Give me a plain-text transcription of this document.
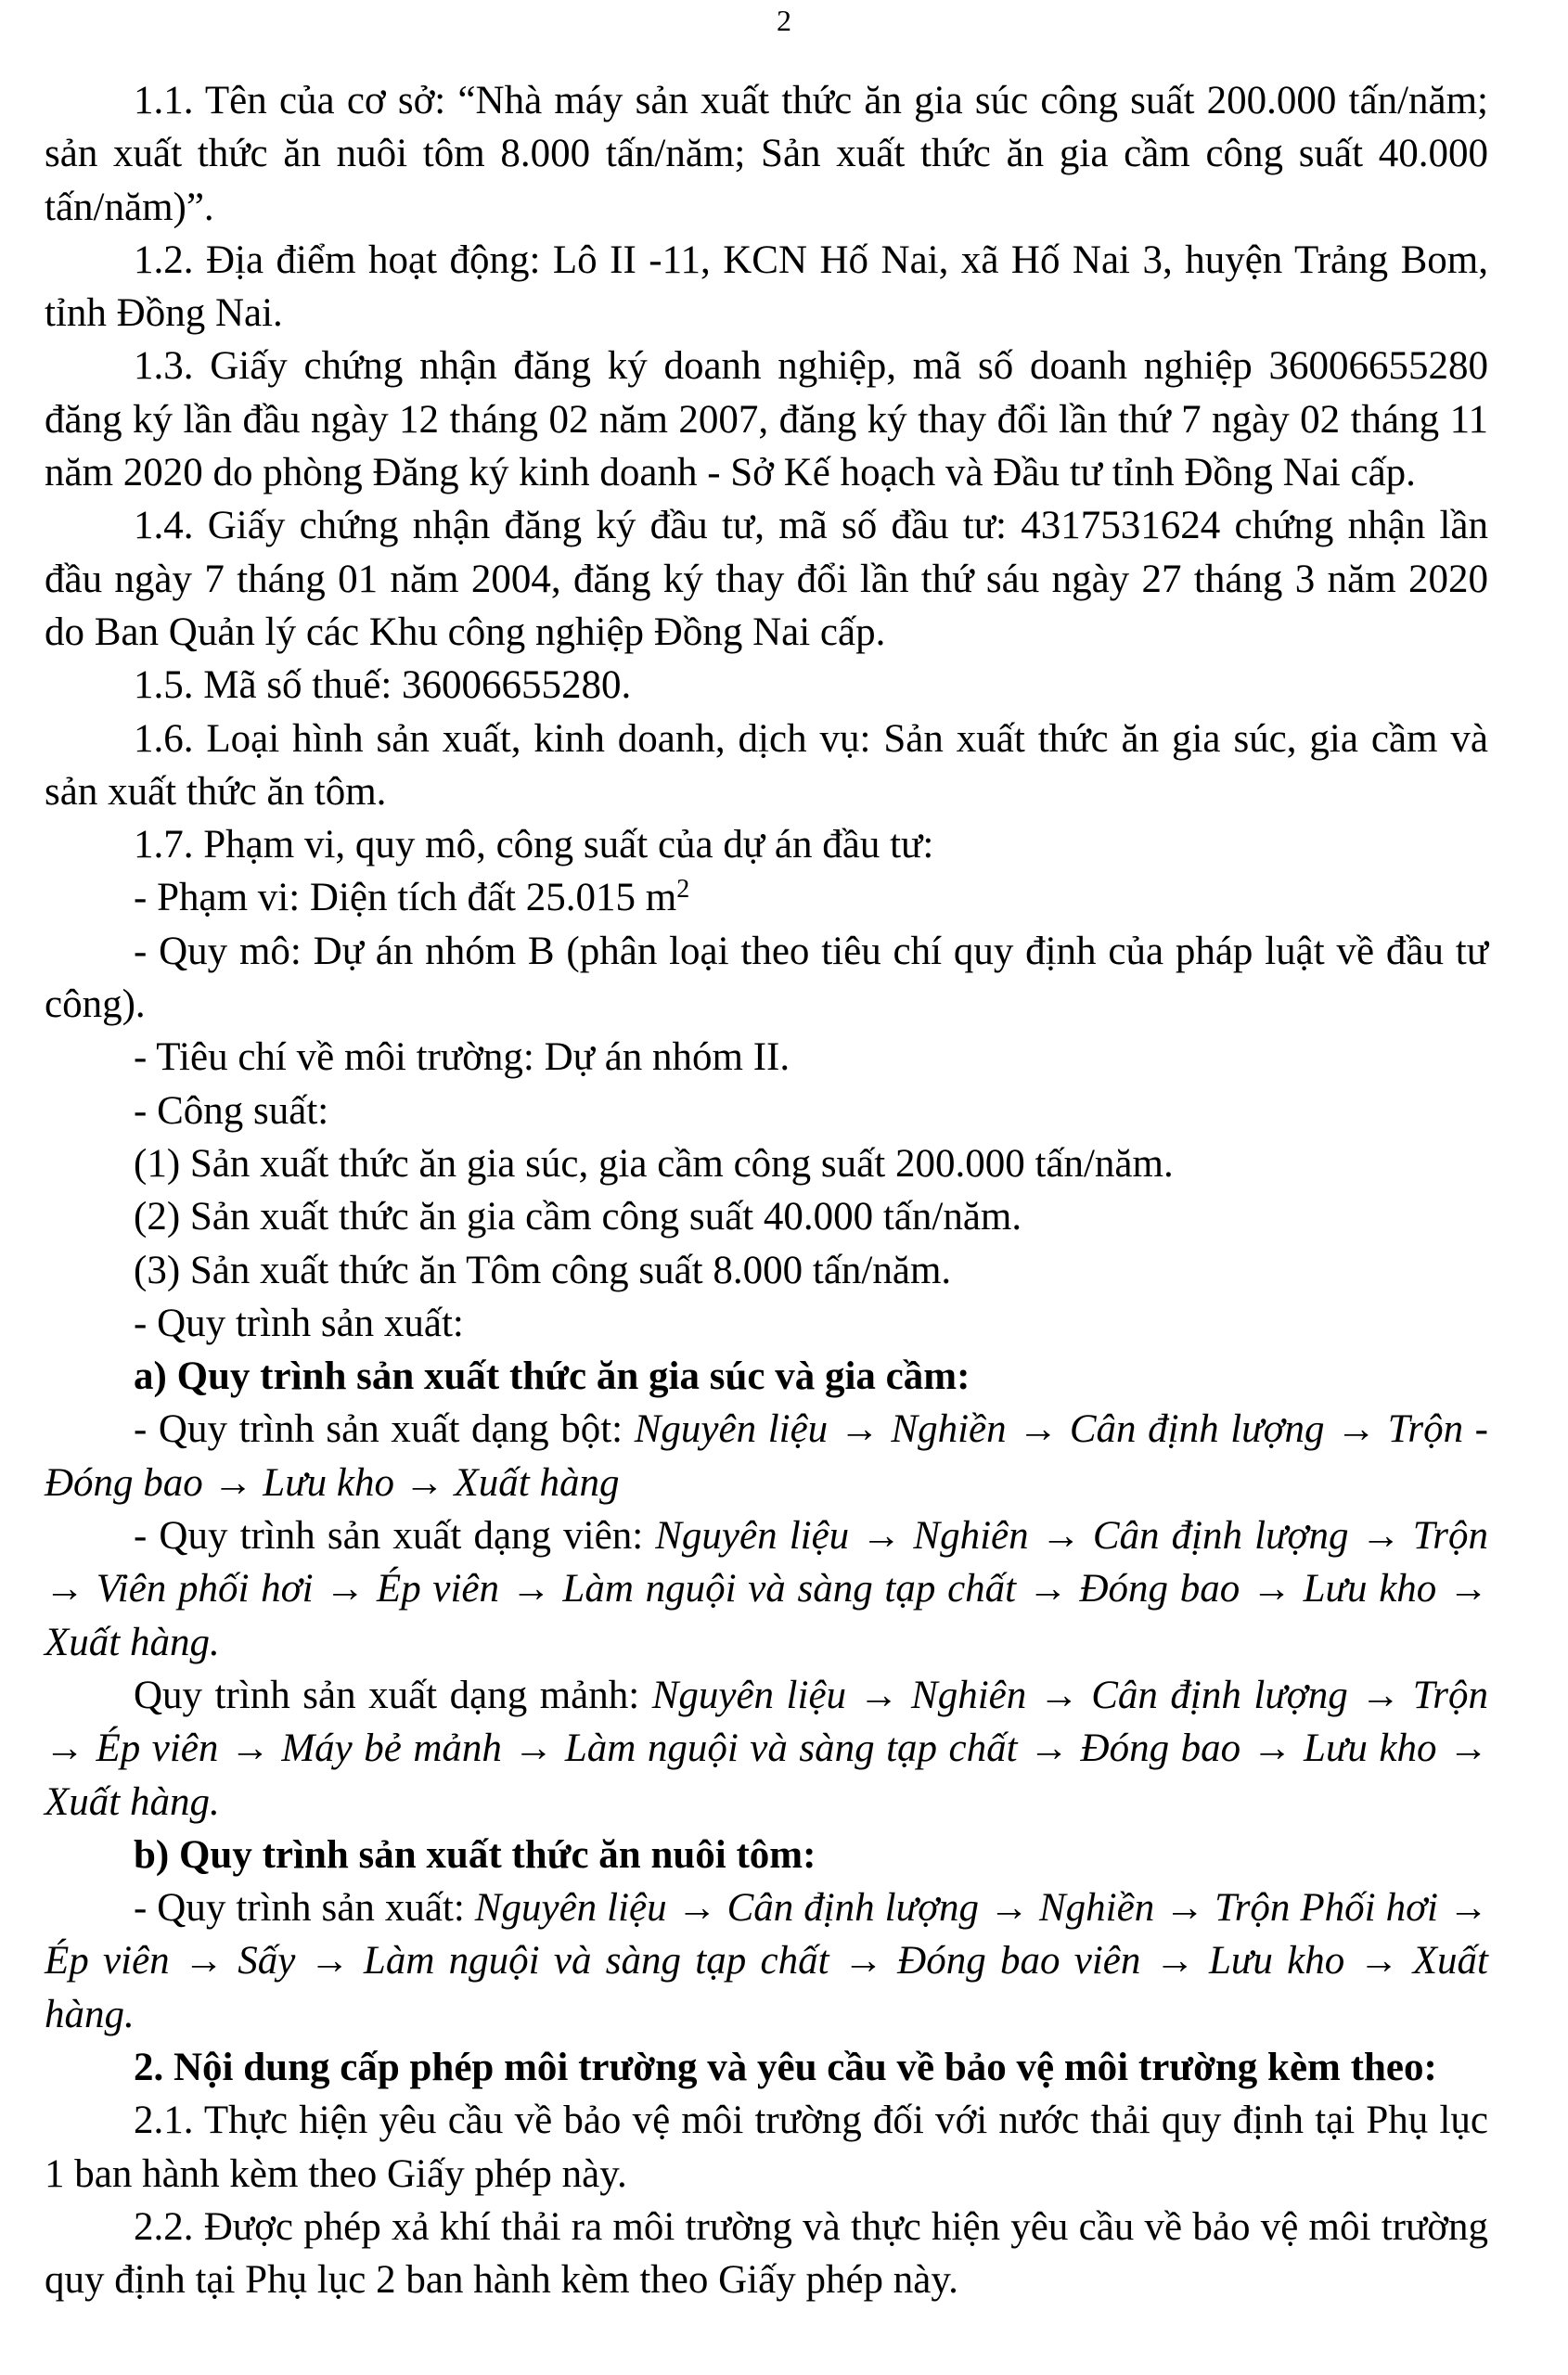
2

1.1. Tên của cơ sở: “Nhà máy sản xuất thức ăn gia súc công suất 200.000 tấn/năm; sản xuất thức ăn nuôi tôm 8.000 tấn/năm; Sản xuất thức ăn gia cầm công suất 40.000 tấn/năm)”.

1.2. Địa điểm hoạt động: Lô II -11, KCN Hố Nai, xã Hố Nai 3, huyện Trảng Bom, tỉnh Đồng Nai.

1.3. Giấy chứng nhận đăng ký doanh nghiệp, mã số doanh nghiệp 36006655280 đăng ký lần đầu ngày 12 tháng 02 năm 2007, đăng ký thay đổi lần thứ 7 ngày 02 tháng 11 năm 2020 do phòng Đăng ký kinh doanh - Sở Kế hoạch và Đầu tư tỉnh Đồng Nai cấp.

1.4. Giấy chứng nhận đăng ký đầu tư, mã số đầu tư: 4317531624 chứng nhận lần đầu ngày 7 tháng 01 năm 2004, đăng ký thay đổi lần thứ sáu ngày 27 tháng 3 năm 2020 do Ban Quản lý các Khu công nghiệp Đồng Nai cấp.

1.5. Mã số thuế: 36006655280.

1.6. Loại hình sản xuất, kinh doanh, dịch vụ: Sản xuất thức ăn gia súc, gia cầm và sản xuất thức ăn tôm.

1.7. Phạm vi, quy mô, công suất của dự án đầu tư:

- Phạm vi: Diện tích đất 25.015 $m^2$

- Quy mô: Dự án nhóm B (phân loại theo tiêu chí quy định của pháp luật về đầu tư công).

- Tiêu chí về môi trường: Dự án nhóm II.

- Công suất:

(1) Sản xuất thức ăn gia súc, gia cầm công suất 200.000 tấn/năm.

(2) Sản xuất thức ăn gia cầm công suất 40.000 tấn/năm.

(3) Sản xuất thức ăn Tôm công suất 8.000 tấn/năm.

- Quy trình sản xuất:

a) Quy trình sản xuất thức ăn gia súc và gia cầm:

- Quy trình sản xuất dạng bột: Nguyên liệu → Nghiền → Cân định lượng → Trộn - Đóng bao → Lưu kho → Xuất hàng

- Quy trình sản xuất dạng viên: Nguyên liệu → Nghiên → Cân định lượng → Trộn → Viên phối hơi → Ép viên → Làm nguội và sàng tạp chất → Đóng bao → Lưu kho → Xuất hàng.

Quy trình sản xuất dạng mảnh: Nguyên liệu → Nghiên → Cân định lượng → Trộn → Ép viên → Máy bẻ mảnh → Làm nguội và sàng tạp chất → Đóng bao → Lưu kho → Xuất hàng.

b) Quy trình sản xuất thức ăn nuôi tôm:

- Quy trình sản xuất: Nguyên liệu → Cân định lượng → Nghiền → Trộn Phối hơi → Ép viên → Sấy → Làm nguội và sàng tạp chất → Đóng bao viên → Lưu kho → Xuất hàng.

2. Nội dung cấp phép môi trường và yêu cầu về bảo vệ môi trường kèm theo:

2.1. Thực hiện yêu cầu về bảo vệ môi trường đối với nước thải quy định tại Phụ lục 1 ban hành kèm theo Giấy phép này.

2.2. Được phép xả khí thải ra môi trường và thực hiện yêu cầu về bảo vệ môi trường quy định tại Phụ lục 2 ban hành kèm theo Giấy phép này.
